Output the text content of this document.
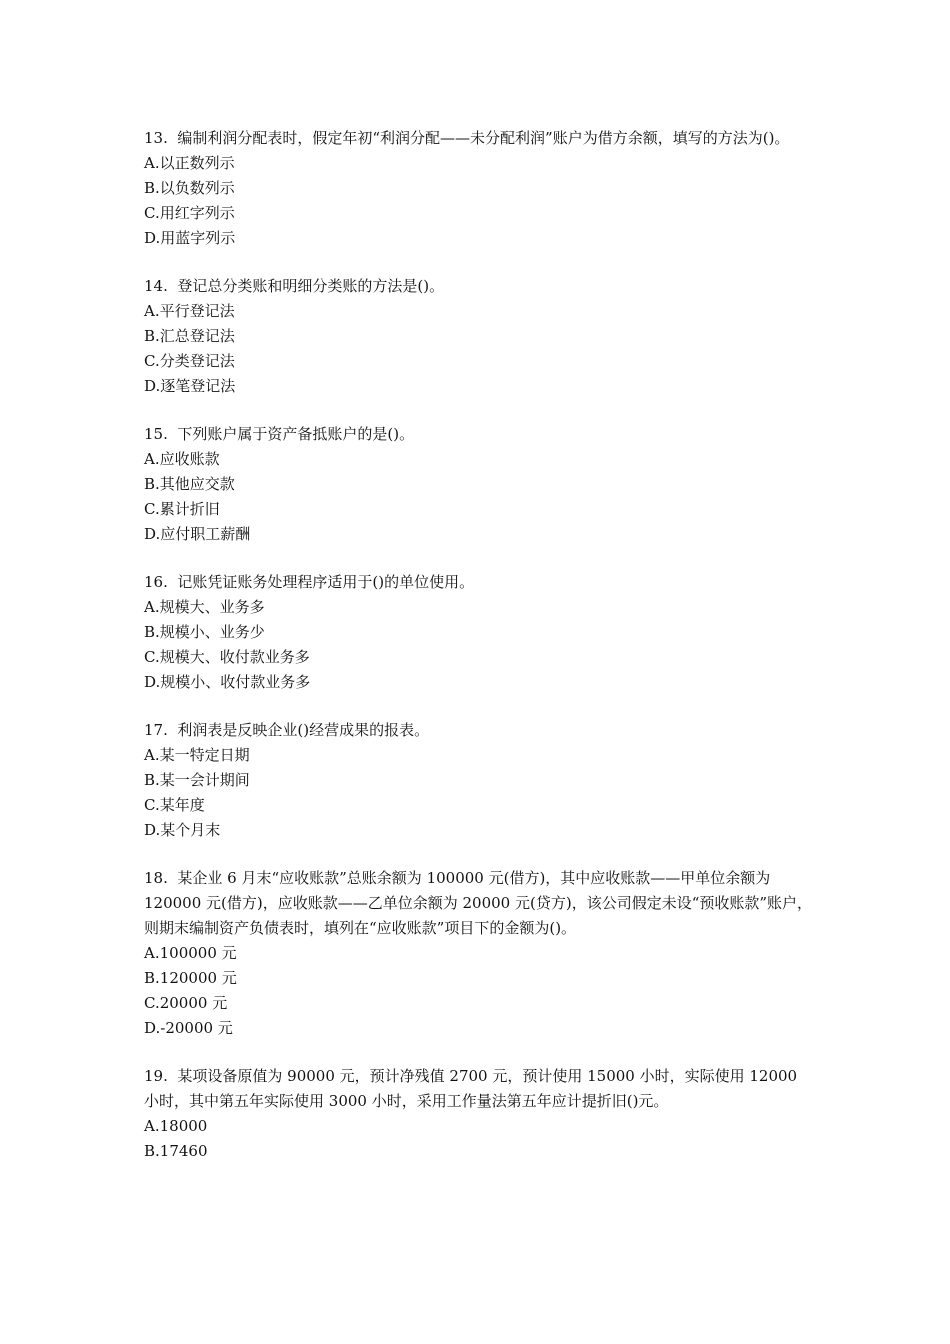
13.  编制利润分配表时，假定年初“利润分配——未分配利润”账户为借方余额，填写的方法为()。

A.以正数列示
B.以负数列示
C.用红字列示
D.用蓝字列示

14.  登记总分类账和明细分类账的方法是()。

A.平行登记法
B.汇总登记法
C.分类登记法
D.逐笔登记法

15.  下列账户属于资产备抵账户的是()。

A.应收账款
B.其他应交款
C.累计折旧
D.应付职工薪酬

16.  记账凭证账务处理程序适用于()的单位使用。

A.规模大、业务多
B.规模小、业务少
C.规模大、收付款业务多
D.规模小、收付款业务多

17.  利润表是反映企业()经营成果的报表。

A.某一特定日期
B.某一会计期间
C.某年度
D.某个月末

18.  某企业 6 月末“应收账款”总账余额为 100000 元(借方)，其中应收账款——甲单位余额为 120000 元(借方)，应收账款——乙单位余额为 20000 元(贷方)，该公司假定未设“预收账款”账户，则期末编制资产负债表时，填列在“应收账款”项目下的金额为()。

A.100000 元
B.120000 元
C.20000 元
D.-20000 元

19.  某项设备原值为 90000 元，预计净残值 2700 元，预计使用 15000 小时，实际使用 12000 小时，其中第五年实际使用 3000 小时，采用工作量法第五年应计提折旧()元。

A.18000
B.17460
